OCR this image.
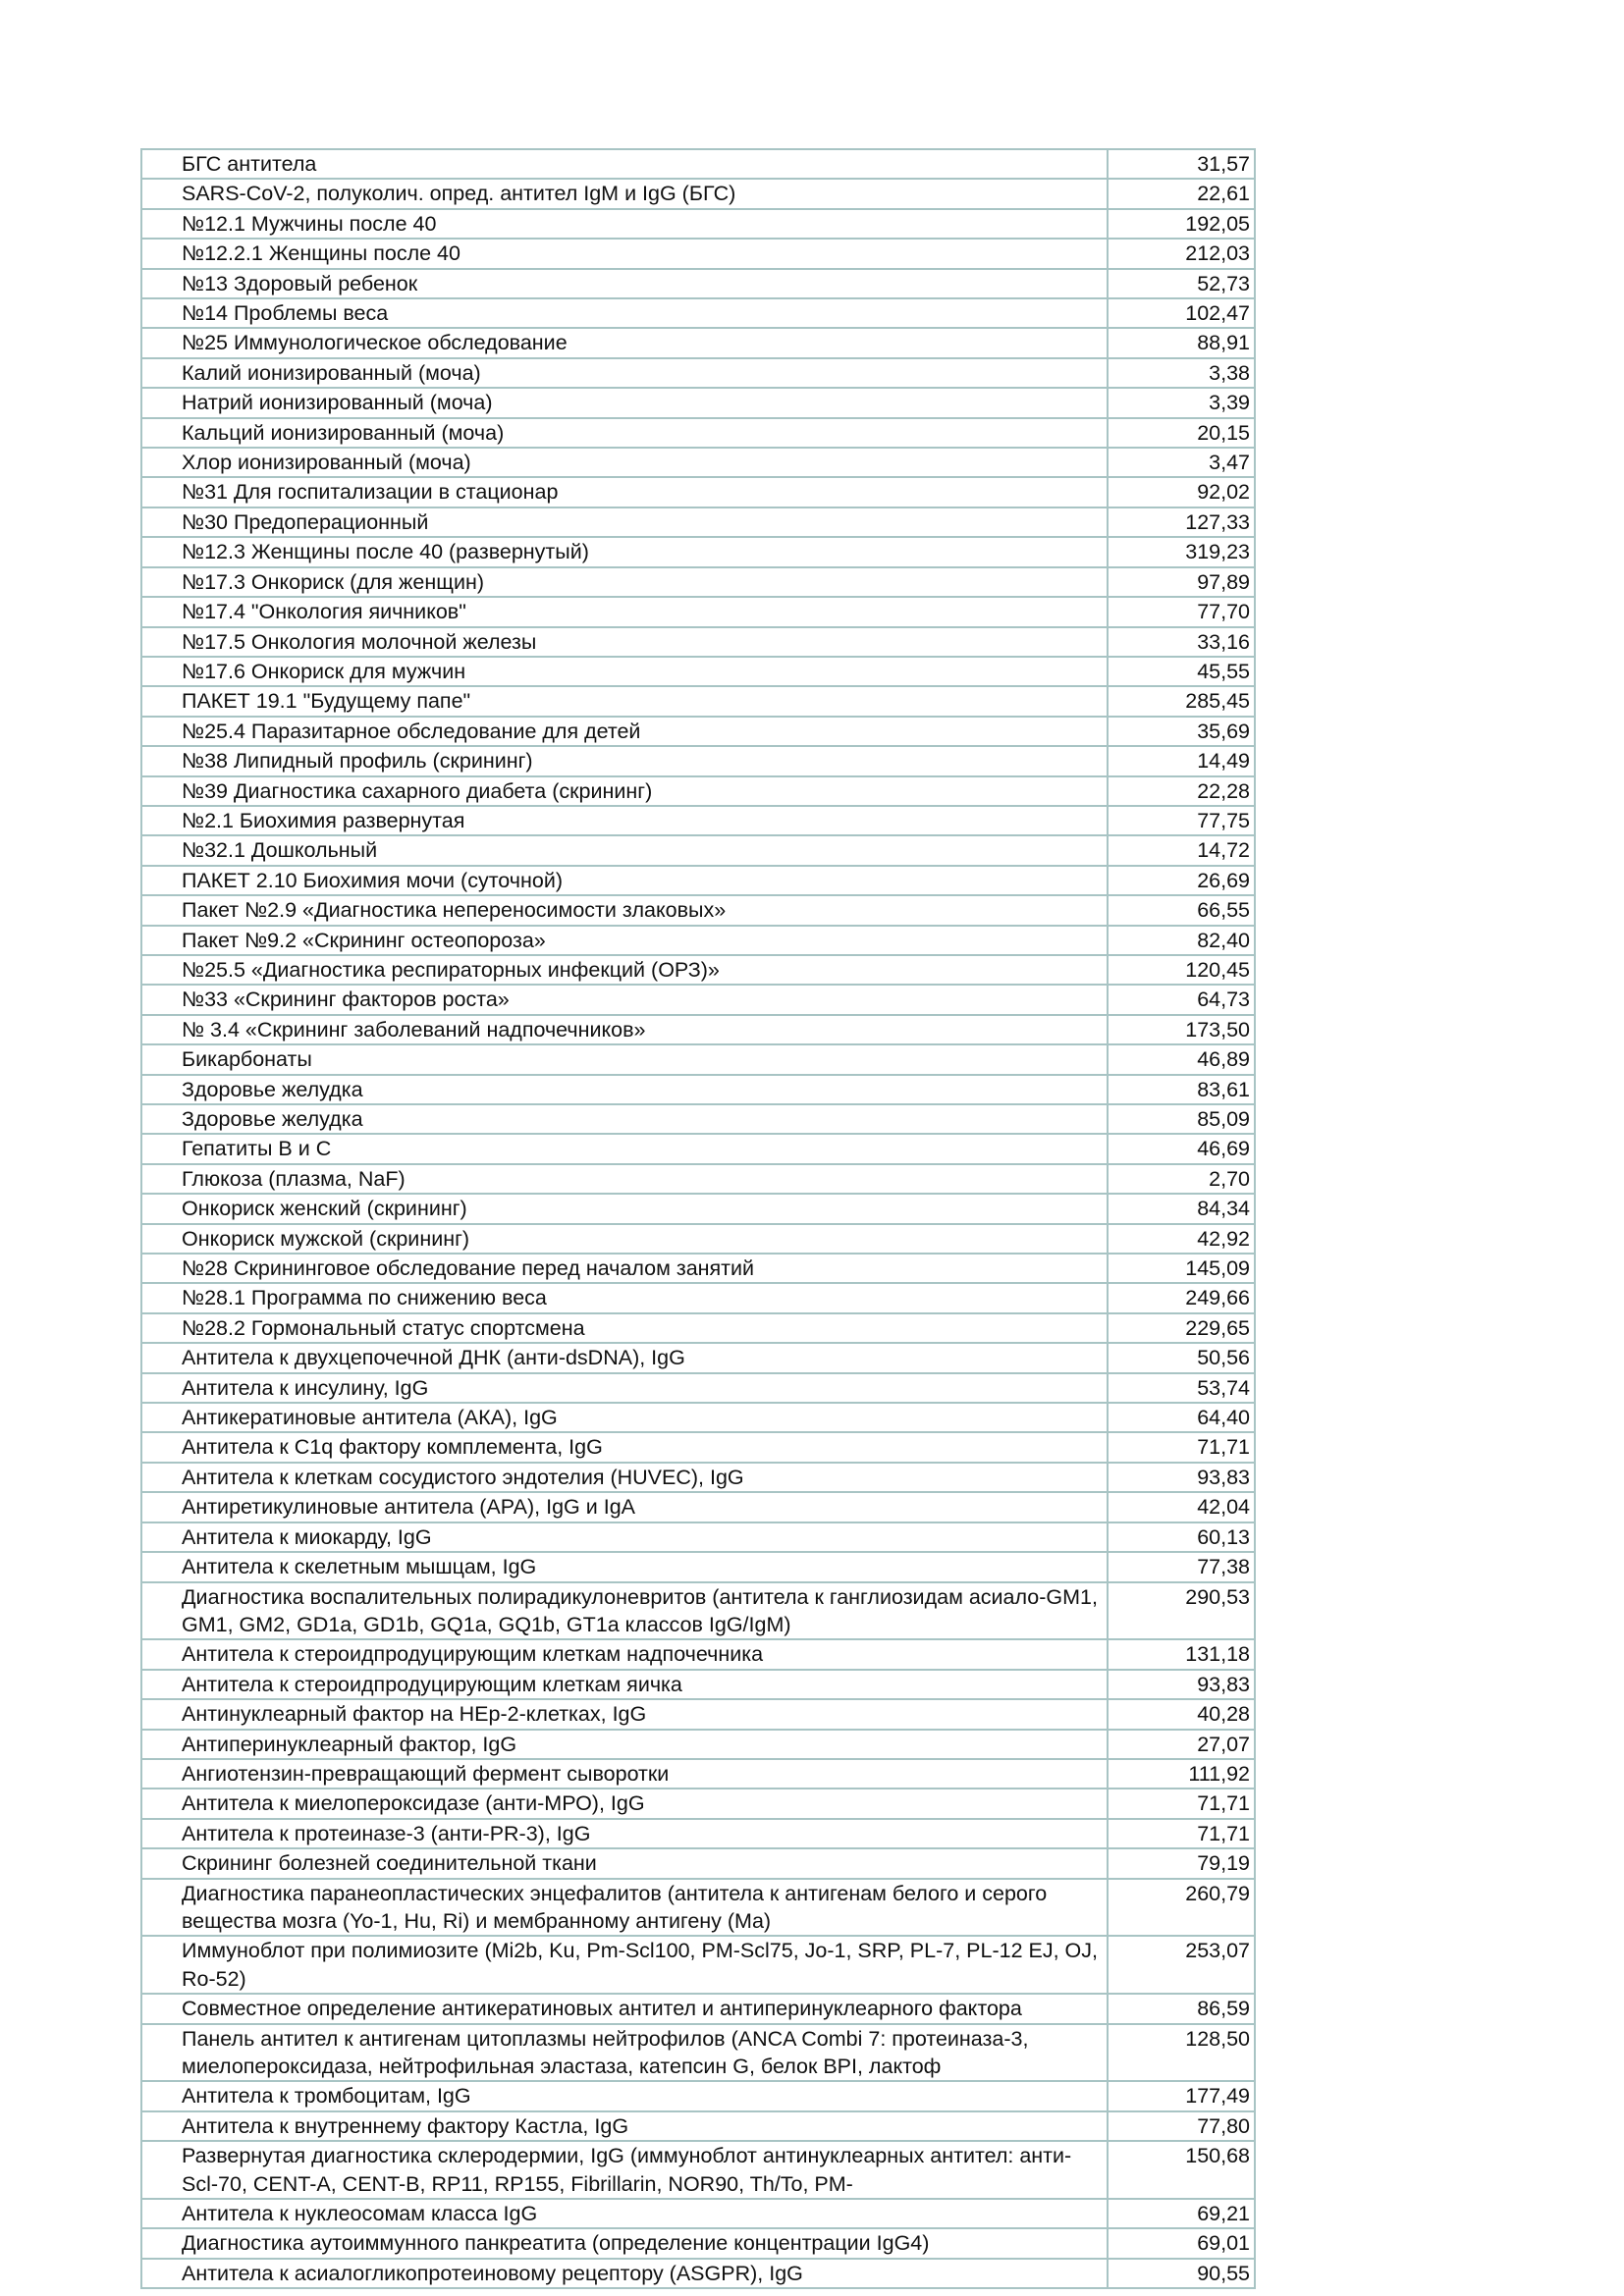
БГС антитела	31,57
SARS-CoV-2, полуколич. опред. антител IgM и IgG (БГС)	22,61
№12.1 Мужчины после 40	192,05
№12.2.1 Женщины после 40	212,03
№13 Здоровый ребенок	52,73
№14 Проблемы веса	102,47
№25 Иммунологическое обследование	88,91
Калий ионизированный (моча)	3,38
Натрий ионизированный (моча)	3,39
Кальций ионизированный (моча)	20,15
Хлор ионизированный (моча)	3,47
№31 Для госпитализации в стационар	92,02
№30 Предоперационный	127,33
№12.3 Женщины после 40 (развернутый)	319,23
№17.3 Онкориск (для женщин)	97,89
№17.4 "Онкология яичников"	77,70
№17.5 Онкология молочной железы	33,16
№17.6 Онкориск для мужчин	45,55
ПАКЕТ 19.1 "Будущему папе"	285,45
№25.4 Паразитарное обследование для детей	35,69
№38 Липидный профиль (скрининг)	14,49
№39 Диагностика сахарного диабета (скрининг)	22,28
№2.1 Биохимия развернутая	77,75
№32.1 Дошкольный	14,72
ПАКЕТ 2.10 Биохимия мочи (суточной)	26,69
Пакет №2.9 «Диагностика непереносимости злаковых»	66,55
Пакет №9.2 «Скрининг остеопороза»	82,40
№25.5 «Диагностика респираторных инфекций (ОРЗ)»	120,45
№33 «Скрининг факторов роста»	64,73
№ 3.4 «Скрининг заболеваний надпочечников»	173,50
Бикарбонаты	46,89
Здоровье желудка	83,61
Здоровье желудка	85,09
Гепатиты В и С	46,69
Глюкоза (плазма, NaF)	2,70
Онкориск женский (скрининг)	84,34
Онкориск мужской (скрининг)	42,92
№28 Скрининговое обследование перед началом занятий	145,09
№28.1 Программа по снижению веса	249,66
№28.2 Гормональный статус спортсмена	229,65
Антитела к двухцепочечной ДНК (анти-dsDNA), IgG	50,56
Антитела к инсулину, IgG	53,74
Антикератиновые антитела (АКА), IgG	64,40
Антитела к С1q фактору комплемента, IgG	71,71
Антитела к клеткам сосудистого эндотелия (HUVEC), IgG	93,83
Антиретикулиновые антитела (АРА), IgG и IgA	42,04
Антитела к миокарду, IgG	60,13
Антитела к скелетным мышцам, IgG	77,38
Диагностика воспалительных полирадикулоневритов (антитела к ганглиозидам асиало-GM1, GM1, GM2, GD1a, GD1b, GQ1a, GQ1b, GT1a классов IgG/IgM)	290,53
Антитела к стероидпродуцирующим клеткам надпочечника	131,18
Антитела к стероидпродуцирующим клеткам яичка	93,83
Антинуклеарный фактор на HEp-2-клетках, IgG	40,28
Антиперинуклеарный фактор, IgG	27,07
Ангиотензин-превращающий фермент сыворотки	111,92
Антитела к миелопероксидазе (анти-МРО), IgG	71,71
Антитела к протеиназе-3 (анти-PR-3), IgG	71,71
Скрининг болезней соединительной ткани	79,19
Диагностика паранеопластических энцефалитов (антитела к антигенам белого и серого вещества мозга (Yo-1, Hu, Ri) и мембранному антигену (Ma)	260,79
Иммуноблот при полимиозите (Mi2b, Ku, Pm-Scl100, PM-Scl75, Jo-1, SRP, PL-7, PL-12 EJ, OJ, Ro-52)	253,07
Совместное определение антикератиновых антител и антиперинуклеарного фактора	86,59
Панель антител к антигенам цитоплазмы нейтрофилов (ANCA Combi 7: протеиназа-3, миелопероксидаза, нейтрофильная эластаза, катепсин G, белок BPI, лактоф	128,50
Антитела к тромбоцитам, IgG	177,49
Антитела к внутреннему фактору Кастла, IgG	77,80
Развернутая диагностика склеродермии, IgG (иммуноблот антинуклеарных антител: анти-Scl-70, CENT-A, CENT-B, RP11, RP155, Fibrillarin, NOR90, Th/To, PM-	150,68
Антитела к нуклеосомам класса IgG	69,21
Диагностика аутоиммунного панкреатита (определение концентрации IgG4)	69,01
Антитела к асиалогликопротеиновому рецептору (ASGPR), IgG	90,55
